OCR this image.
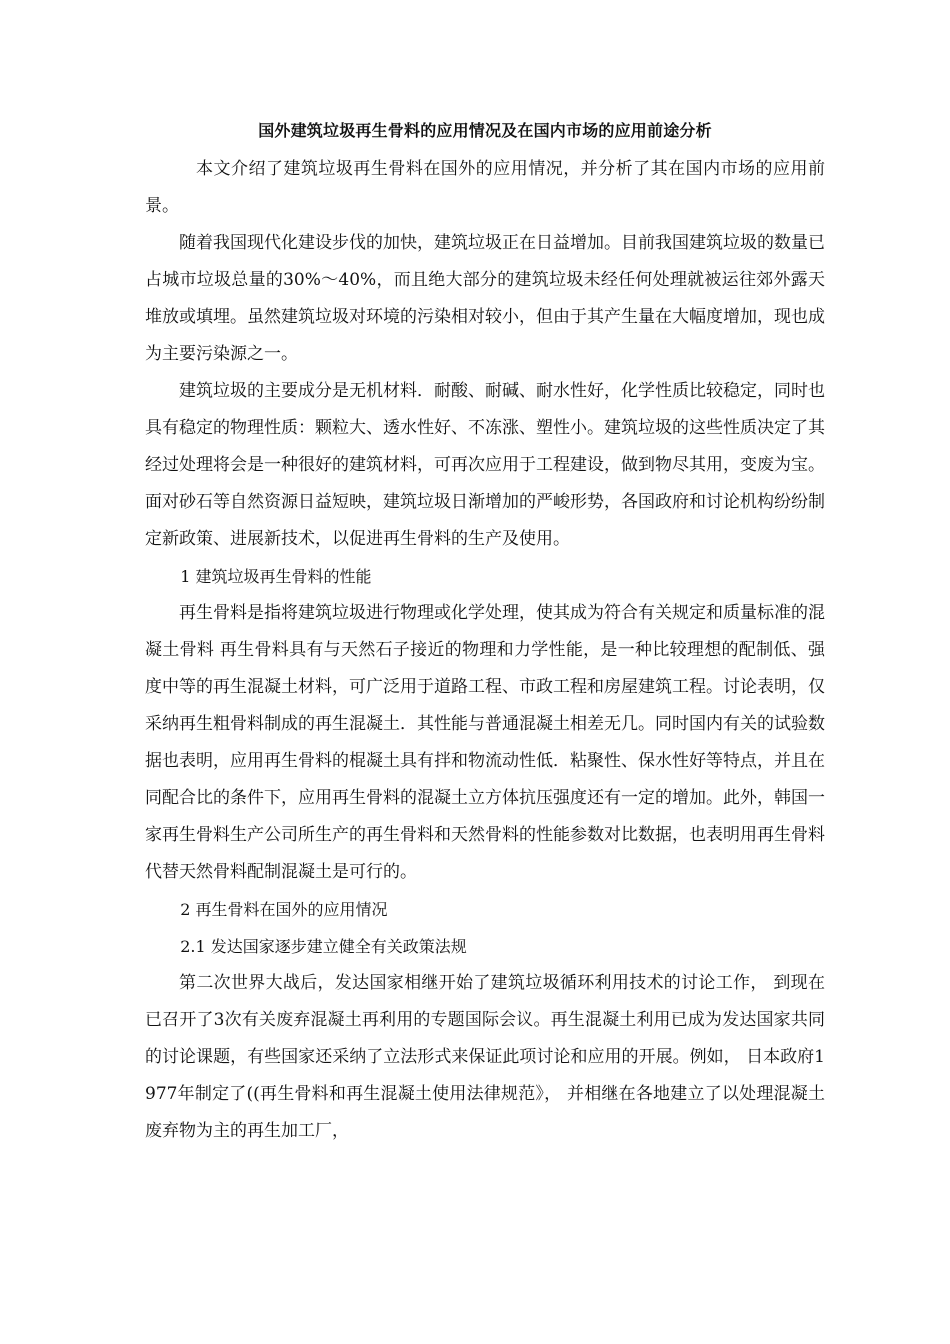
国外建筑垃圾再生骨料的应用情况及在国内市场的应用前途分析

本文介绍了建筑垃圾再生骨料在国外的应用情况，并分析了其在国内市场的应用前景。

随着我国现代化建设步伐的加快，建筑垃圾正在日益增加。目前我国建筑垃圾的数量已占城市垃圾总量的30%～40%，而且绝大部分的建筑垃圾未经任何处理就被运往郊外露天堆放或填埋。虽然建筑垃圾对环境的污染相对较小，但由于其产生量在大幅度增加，现也成为主要污染源之一。

建筑垃圾的主要成分是无机材料．耐酸、耐碱、耐水性好，化学性质比较稳定，同时也具有稳定的物理性质：颗粒大、透水性好、不冻涨、塑性小。建筑垃圾的这些性质决定了其经过处理将会是一种很好的建筑材料，可再次应用于工程建设，做到物尽其用，变废为宝。面对砂石等自然资源日益短映，建筑垃圾日渐增加的严峻形势，各国政府和讨论机构纷纷制定新政策、进展新技术，以促进再生骨料的生产及使用。

1 建筑垃圾再生骨料的性能

再生骨料是指将建筑垃圾进行物理或化学处理，使其成为符合有关规定和质量标准的混凝土骨料 再生骨料具有与天然石子接近的物理和力学性能，是一种比较理想的配制低、强度中等的再生混凝土材料，可广泛用于道路工程、市政工程和房屋建筑工程。讨论表明，仅采纳再生粗骨料制成的再生混凝土．其性能与普通混凝土相差无几。同时国内有关的试验数据也表明，应用再生骨料的棍凝土具有拌和物流动性低．粘聚性、保水性好等特点，并且在同配合比的条件下，应用再生骨料的混凝土立方体抗压强度还有一定的增加。此外，韩国一家再生骨料生产公司所生产的再生骨料和天然骨料的性能参数对比数据，也表明用再生骨料代替天然骨料配制混凝土是可行的。

2 再生骨料在国外的应用情况

2.1 发达国家逐步建立健全有关政策法规

第二次世界大战后，发达国家相继开始了建筑垃圾循环利用技术的讨论工作， 到现在已召开了3次有关废弃混凝土再利用的专题国际会议。再生混凝土利用已成为发达国家共同的讨论课题，有些国家还采纳了立法形式来保证此项讨论和应用的开展。例如， 日本政府1977年制定了((再生骨料和再生混凝土使用法律规范》， 并相继在各地建立了以处理混凝土废弃物为主的再生加工厂，
